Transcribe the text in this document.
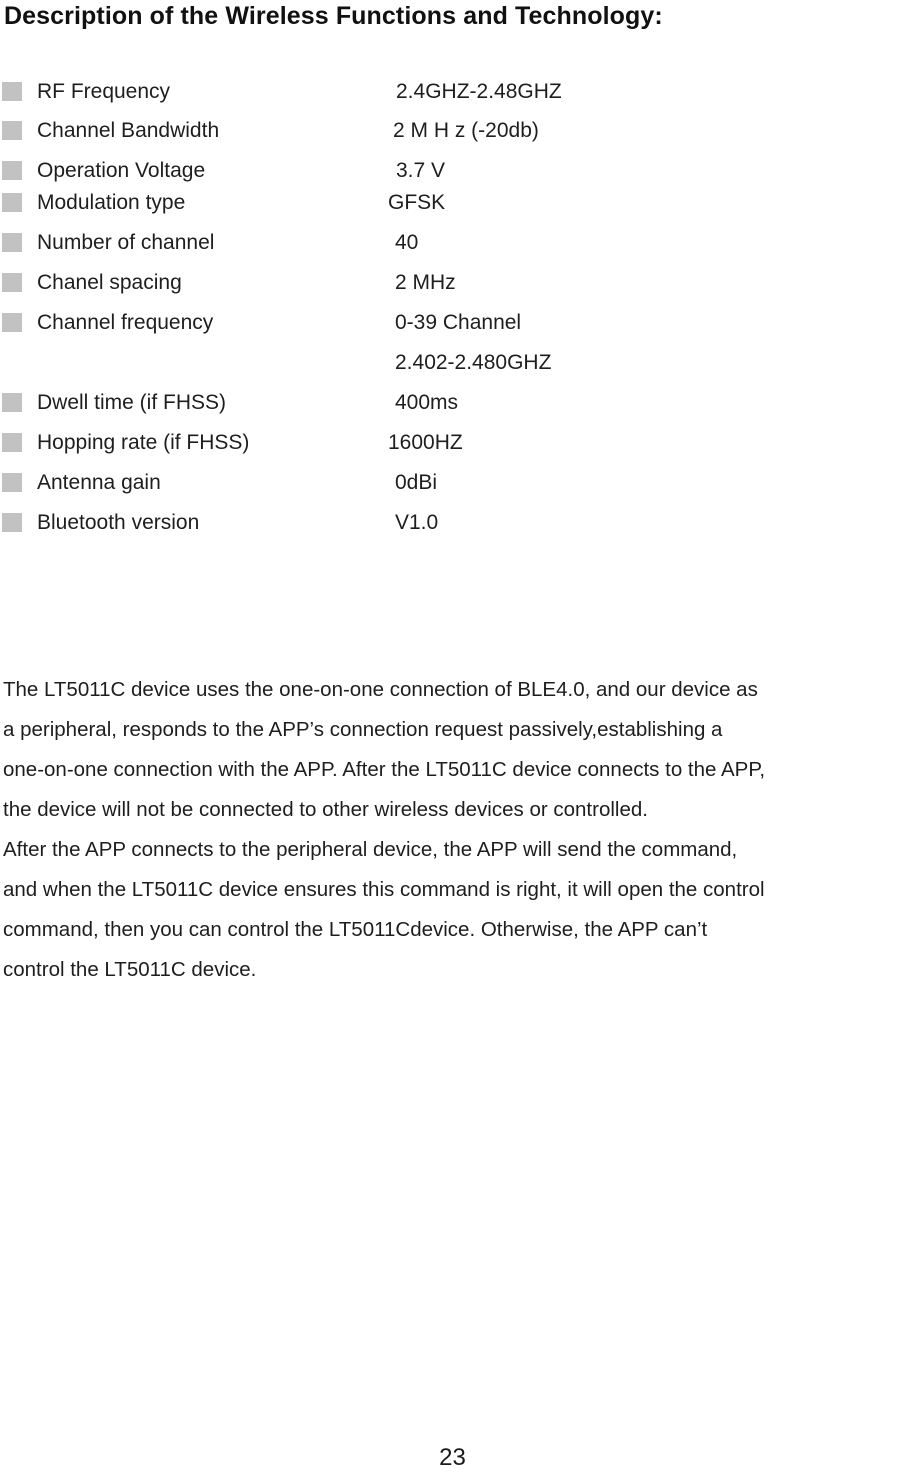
Description of the Wireless Functions and Technology:
RF Frequency	2.4GHZ-2.48GHZ
Channel Bandwidth	2 M H z (-20db)
Operation Voltage	3.7 V
Modulation type	GFSK
Number of channel	40
Chanel spacing	2 MHz
Channel frequency	0-39 Channel
2.402-2.480GHZ
Dwell time (if FHSS)	400ms
Hopping rate (if FHSS)	1600HZ
Antenna gain	0dBi
Bluetooth version	V1.0
The LT5011C device uses the one-on-one connection of BLE4.0, and our device as
a peripheral, responds to the APP’s connection request passively,establishing a
one-on-one connection with the APP. After the LT5011C device connects to the APP,
the device will not be connected to other wireless devices or controlled.
After the APP connects to the peripheral device, the APP will send the command,
and when the LT5011C device ensures this command is right, it will open the control
command, then you can control the LT5011Cdevice. Otherwise, the APP can’t
control the LT5011C device.
23
